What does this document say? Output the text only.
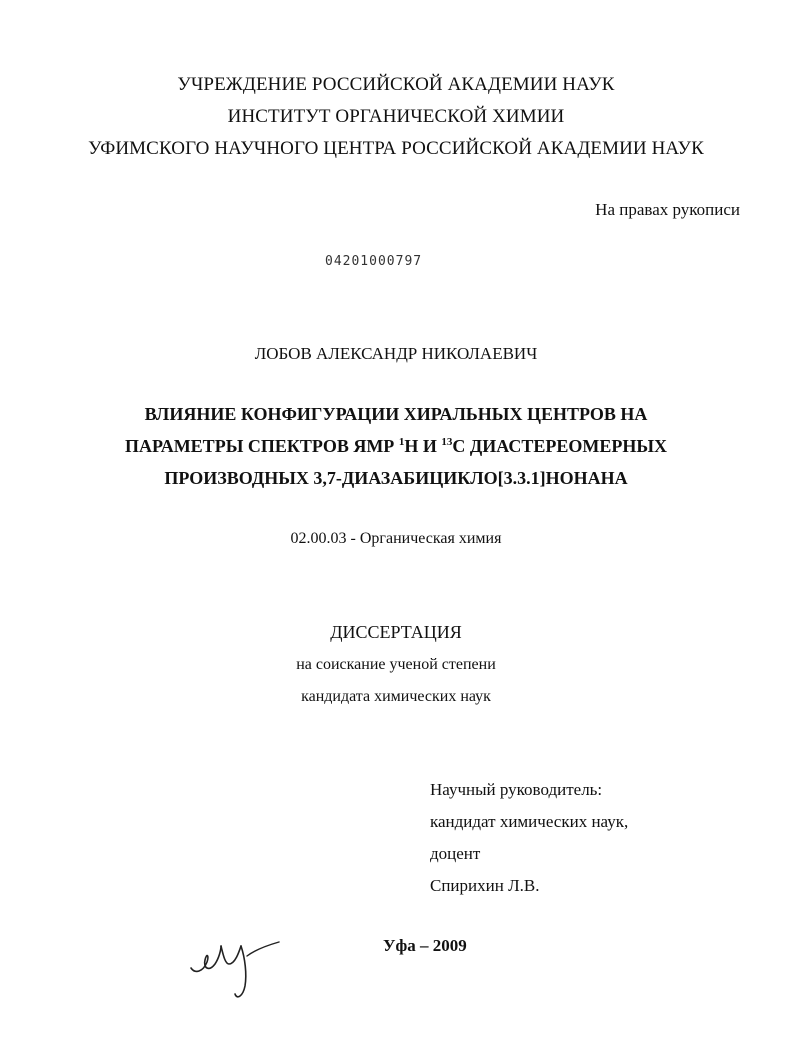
УЧРЕЖДЕНИЕ РОССИЙСКОЙ АКАДЕМИИ НАУК
ИНСТИТУТ ОРГАНИЧЕСКОЙ ХИМИИ
УФИМСКОГО НАУЧНОГО ЦЕНТРА РОССИЙСКОЙ АКАДЕМИИ НАУК
На правах рукописи
04201000797
ЛОБОВ АЛЕКСАНДР НИКОЛАЕВИЧ
ВЛИЯНИЕ КОНФИГУРАЦИИ ХИРАЛЬНЫХ ЦЕНТРОВ НА
ПАРАМЕТРЫ СПЕКТРОВ ЯМР $^1$Н И $^{13}$С ДИАСТЕРЕОМЕРНЫХ
ПРОИЗВОДНЫХ 3,7-ДИАЗАБИЦИКЛО[3.3.1]НОНАНА
02.00.03 - Органическая химия
ДИССЕРТАЦИЯ
на соискание ученой степени
кандидата химических наук
Научный руководитель:
кандидат химических наук,
доцент
Спирихин Л.В.
Уфа – 2009
